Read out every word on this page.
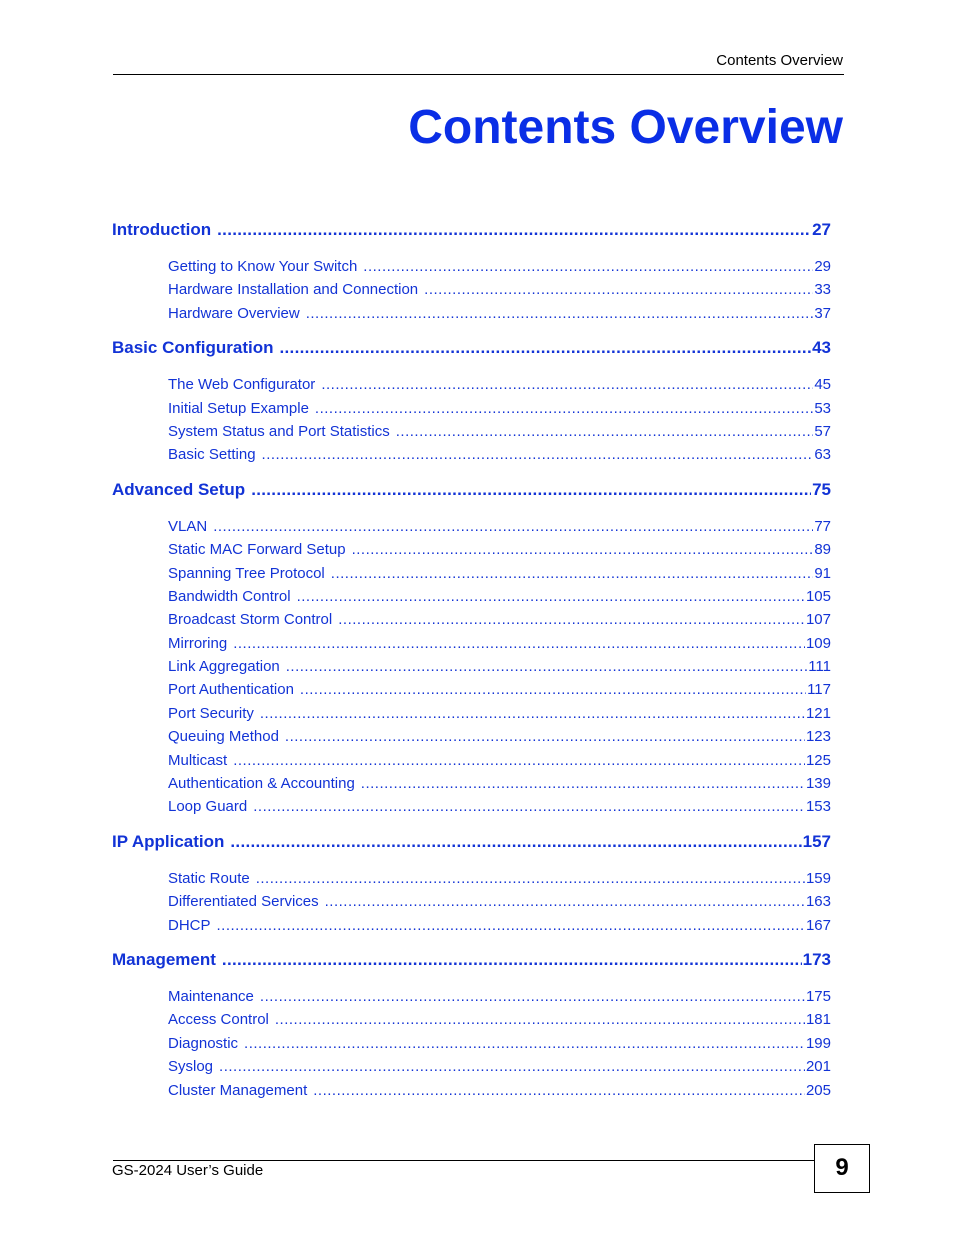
Contents Overview
Contents Overview
Introduction .....	27
Getting to Know Your Switch .....	29
Hardware Installation and Connection .....	33
Hardware Overview .....	37
Basic Configuration .....	43
The Web Configurator .....	45
Initial Setup Example .....	53
System Status and Port Statistics .....	57
Basic Setting .....	63
Advanced Setup .....	75
VLAN .....	77
Static MAC Forward Setup .....	89
Spanning Tree Protocol .....	91
Bandwidth Control .....	105
Broadcast Storm Control .....	107
Mirroring .....	109
Link Aggregation .....	111
Port Authentication .....	117
Port Security .....	121
Queuing Method .....	123
Multicast .....	125
Authentication & Accounting .....	139
Loop Guard .....	153
IP Application .....	157
Static Route .....	159
Differentiated Services .....	163
DHCP .....	167
Management .....	173
Maintenance .....	175
Access Control .....	181
Diagnostic .....	199
Syslog .....	201
Cluster Management .....	205
GS-2024 User’s Guide	9
